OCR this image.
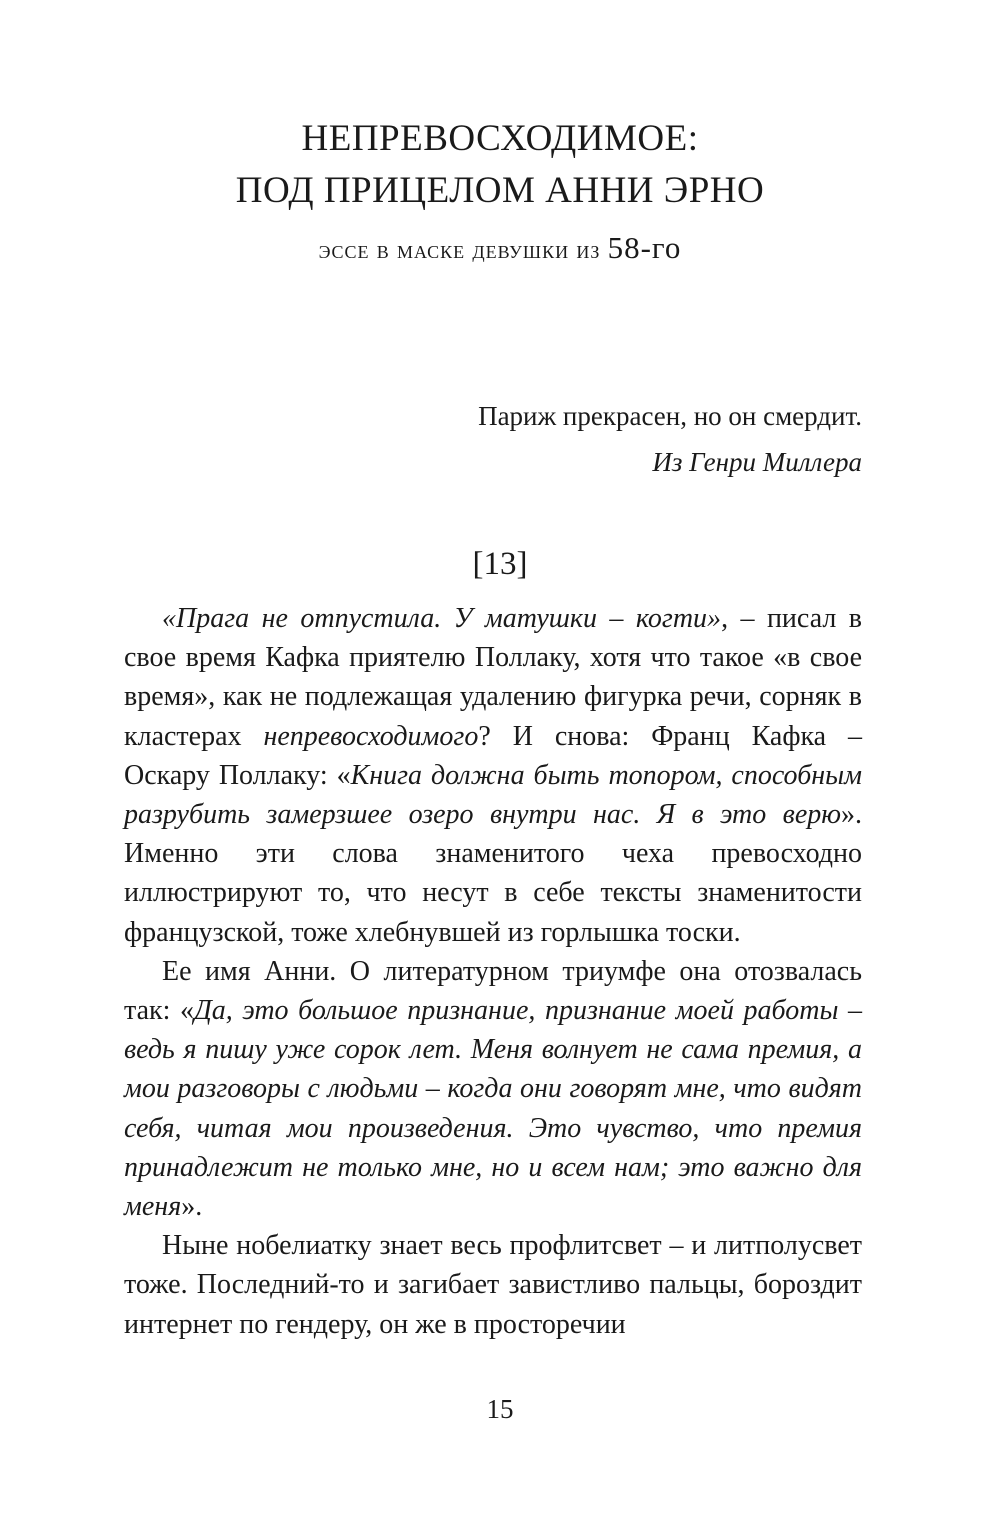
НЕПРЕВОСХОДИМОЕ:
ПОД ПРИЦЕЛОМ АННИ ЭРНО
эссе в маске девушки из 58-го
Париж прекрасен, но он смердит.
Из Генри Миллера
[13]

«Прага не отпустила. У матушки – когти», – писал в свое время Кафка приятелю Поллаку, хотя что такое «в свое время», как не подлежащая удалению фигурка речи, сорняк в кластерах непревосходимого? И снова: Франц Кафка – Оскару Поллаку: «Книга должна быть топором, способным разрубить замерзшее озеро внутри нас. Я в это верю». Именно эти слова знаменитого чеха превосходно иллюстрируют то, что несут в себе тексты знаменитости французской, тоже хлебнувшей из горлышка тоски.

Ее имя Анни. О литературном триумфе она отозвалась так: «Да, это большое признание, признание моей работы – ведь я пишу уже сорок лет. Меня волнует не сама премия, а мои разговоры с людьми – когда они говорят мне, что видят себя, читая мои произведения. Это чувство, что премия принадлежит не только мне, но и всем нам; это важно для меня».

Ныне нобелиатку знает весь профлитсвет – и литполусвет тоже. Последний-то и загибает завистливо пальцы, бороздит интернет по гендеру, он же в просторечии

15
